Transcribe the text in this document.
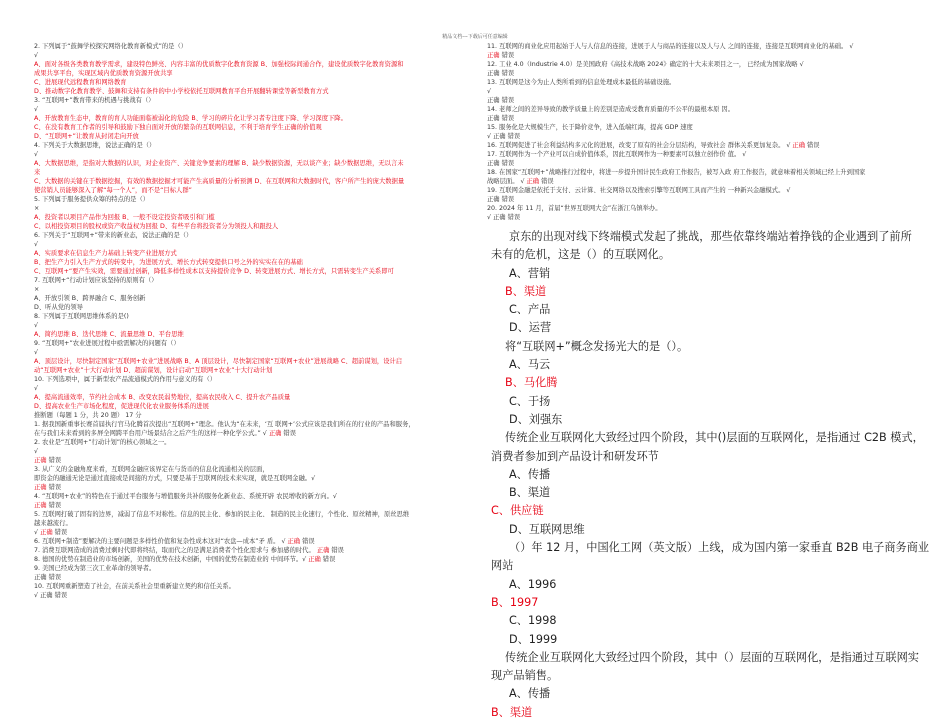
精品文档---下载后可任意编辑
2. 下列属于“鼓舞学校探究网络化教育新模式”的是（）
√
A、面对各级各类教育教学需求，建设特色鲜亮、内容丰富的优质数字化教育资源 B、加强校际间通合作，建设优质数字化教育资源和
成果共享平台，实现区域内优质教育资源开放共享
C、进展现代远程教育和网络教育
D、推动数字化教育教学、鼓舞和支持有条件的中小学校依托互联网教育平台开展翻转课堂等新型教育方式
3. “互联网+”教育带来的机遇与挑战有（）
√
A、开放教育生态中，教育的育人功能面临被弱化的危险 B、学习的碎片化让学习者专注度下降、学习深度下降。
C、在没有教育工作者的引导和鼓励下独自面对开放的繁杂的互联网信息，不利于培育学生正确的价值观
D、“互联网+”让教育从封闭走向开放
4. 下列关于大数据思维，说法正确的是（）
√
A、大数据思维，是指对大数据的认识，对企业资产、关键竞争要素的理解 B、缺少数据资源，无以谈产业；缺少数据思维，无以言未
来
C、大数据的关键在于数据挖掘，有效的数据挖掘才可能产生高质量的分析预测 D、在互联网和大数据时代，客户所产生的庞大数据量
使营销人员能够深入了解“每一个人”，而不是“目标人群”
5. 下列属于服务提供众筹的特点的是（）
×
A、投资者以项目产品作为回报 B、一般不设定投资者吸引和门槛
C、以相投资项目的股权或资产收益权为回报 D、有些平台将投资者分为领投人和跟投人
6. 下列关于“互联网+”带来的新业态，说法正确的是（）
√
A、实质要求在信息生产力基础上转变产业进展方式
B、把生产力引入生产方式的转变中，为进展方式、增长方式转变提供口号之外的实实在在的基础
C、互联网+“要产生实效，需要通过创新，降低多样性成本以支持提价竞争 D、转变进展方式、增长方式，只需转变生产关系即可
7. 互联网+“行动计划应该坚持的原则有（）
×
A、开放引领 B、跨界融合 C、服务创新
D、听从党的领导
8. 下列属于互联网思维体系的是()
√
A、简约思维 B、迭代思维 C、流量思维 D、平台思维
9. “互联网+”农业进展过程中亟需解决的问题有（）
√
A、顶层设计，尽快制定国家“互联网+农业”进展战略 B、A 顶层设计，尽快制定国家“互联网+农业”进展战略 C、超前谋划，设计启
动“互联网+农业”十大行动计划 D、超前谋划，设计启动“互联网+农业”十大行动计划
10. 下列选项中，属于新型农产品流通模式的作用与意义的有（）
√
A、提高流通效率，节约社会成本 B、改变农民弱势地位，提高农民收入 C、提升农产品质量
D、提高农业生产市场化程度，促进现代化农业服务体系的进展
推断题（每题 1 分，共 20 题） 17 分
1. 据我国新重事长赛首届执行官马化腾首次提出“互联网+”理念。他认为“在未来，‘互 联网+’公式应该是我们所在的行业的产品和服务，
在与我们未来看到的多屏全网跨平台用户场景结合之后产生的这样一种化学公式。” √ 正确 错误
2. 农业是“互联网+”行动计划”的核心领域之一。
√
正确 错误
3. 从广义的金融角度来看，互联网金融应该界定在与货币的信息化流通相关的层面，
即资金的融通无论是通过直接或是间接的方式，只要是基于互联网的技术来实现，就是互联网金融。√
正确 错误
4. “互联网+农业”的特色在于通过平台服务与增值服务共补的服务化新业态、系统开辟 农民增收的新方向。√
正确 错误
5. 互联网打破了固有的边界，减弱了信息不对称性。信息的民主化、参加的民主化、 制造的民主化速行，个性化、原丝精神，原丝思维
越来越流行。
√ 正确 错误
6. 互联网+制造”要解决的主要问题是多样性价值和复杂性成本这对“农盘—成本”矛 盾。 √ 正确 错误
7. 消费互联网造成的消费过剩时代即将终结，取而代之的是满足消费者个性化需求与 参加感的时代。 正确 错误
8. 德国的优势在制造业的市场创新，美国的优势在技术创新，中国的优势在制造业的 中间环节。√ 正确 错误
9. 美国已经成为第三次工业革命的领导者。
正确 错误
10. 互联网重新塑造了社会，在前关系社会里重新建立契约和信任关系。
√ 正确 错误
11. 互联网的商业化应用起始于人与人信息的连接，进展于人与商品的连接以及人与人 之间的连接，连接是互联网商业化的基础。 √
正确 错误
12. 工业 4.0（Industrie 4.0）是美国政府《高技术战略 2024》确定的十大未来项目之一， 已经成为国家战略 √
正确 错误
13. 互联网是这今为止人类所看到的信息处理成本最低的基础设施。
√
正确 错误
14. 老师之间的差异导致的教学质量上的差别是造成受教育质量的不公平的最根本原 因。
正确 错误
15. 服务化是大规模生产，长于降价竞争，进入低端红海，提高 GDP 速度
√ 正确 错误
16. 互联网促进了社会利益结构多元化的进展，改变了原有的社会分层结构，导致社会 群体关系更加复杂。 √ 正确 错误
17. 互联网作为一个产业可以自成价值体系，因此互联网作为一种要素可以独立创作价 值。 √
正确 错误
18. 在国家“互联网+”战略推行过程中，将进一步提升国计民生政府工作报告，被写入政 府工作报告，就意味着相关领域已经上升到国家
战略层面。 √ 正确 错误
19. 互联网金融是依托于支付、云计算、社交网络以及搜索引擎等互联网工具而产生的 一种新兴金融模式。 √
正确 错误
20. 2024 年 11 月，首届“世界互联网大会”在浙江乌镇举办。
√ 正确 错误
京东的出现对线下终端模式发起了挑战，那些依靠终端站着挣钱的企业遇到了前所
未有的危机，这是（）的互联网化。
A、营销
B、渠道
C、产品
D、运营
将“互联网+”概念发扬光大的是（）。
A、马云
B、马化腾
C、于扬
D、刘强东
传统企业互联网化大致经过四个阶段，其中()层面的互联网化，是指通过 C2B 模式，
消费者参加到产品设计和研发环节
A、传播
B、渠道
C、供应链
D、互联网思维
（）年 12 月，中国化工网（英文版）上线，成为国内第一家垂直 B2B 电子商务商业
网站
A、1996
B、1997
C、1998
D、1999
传统企业互联网化大致经过四个阶段，其中（）层面的互联网化，是指通过互联网实
现产品销售。
A、传播
B、渠道
